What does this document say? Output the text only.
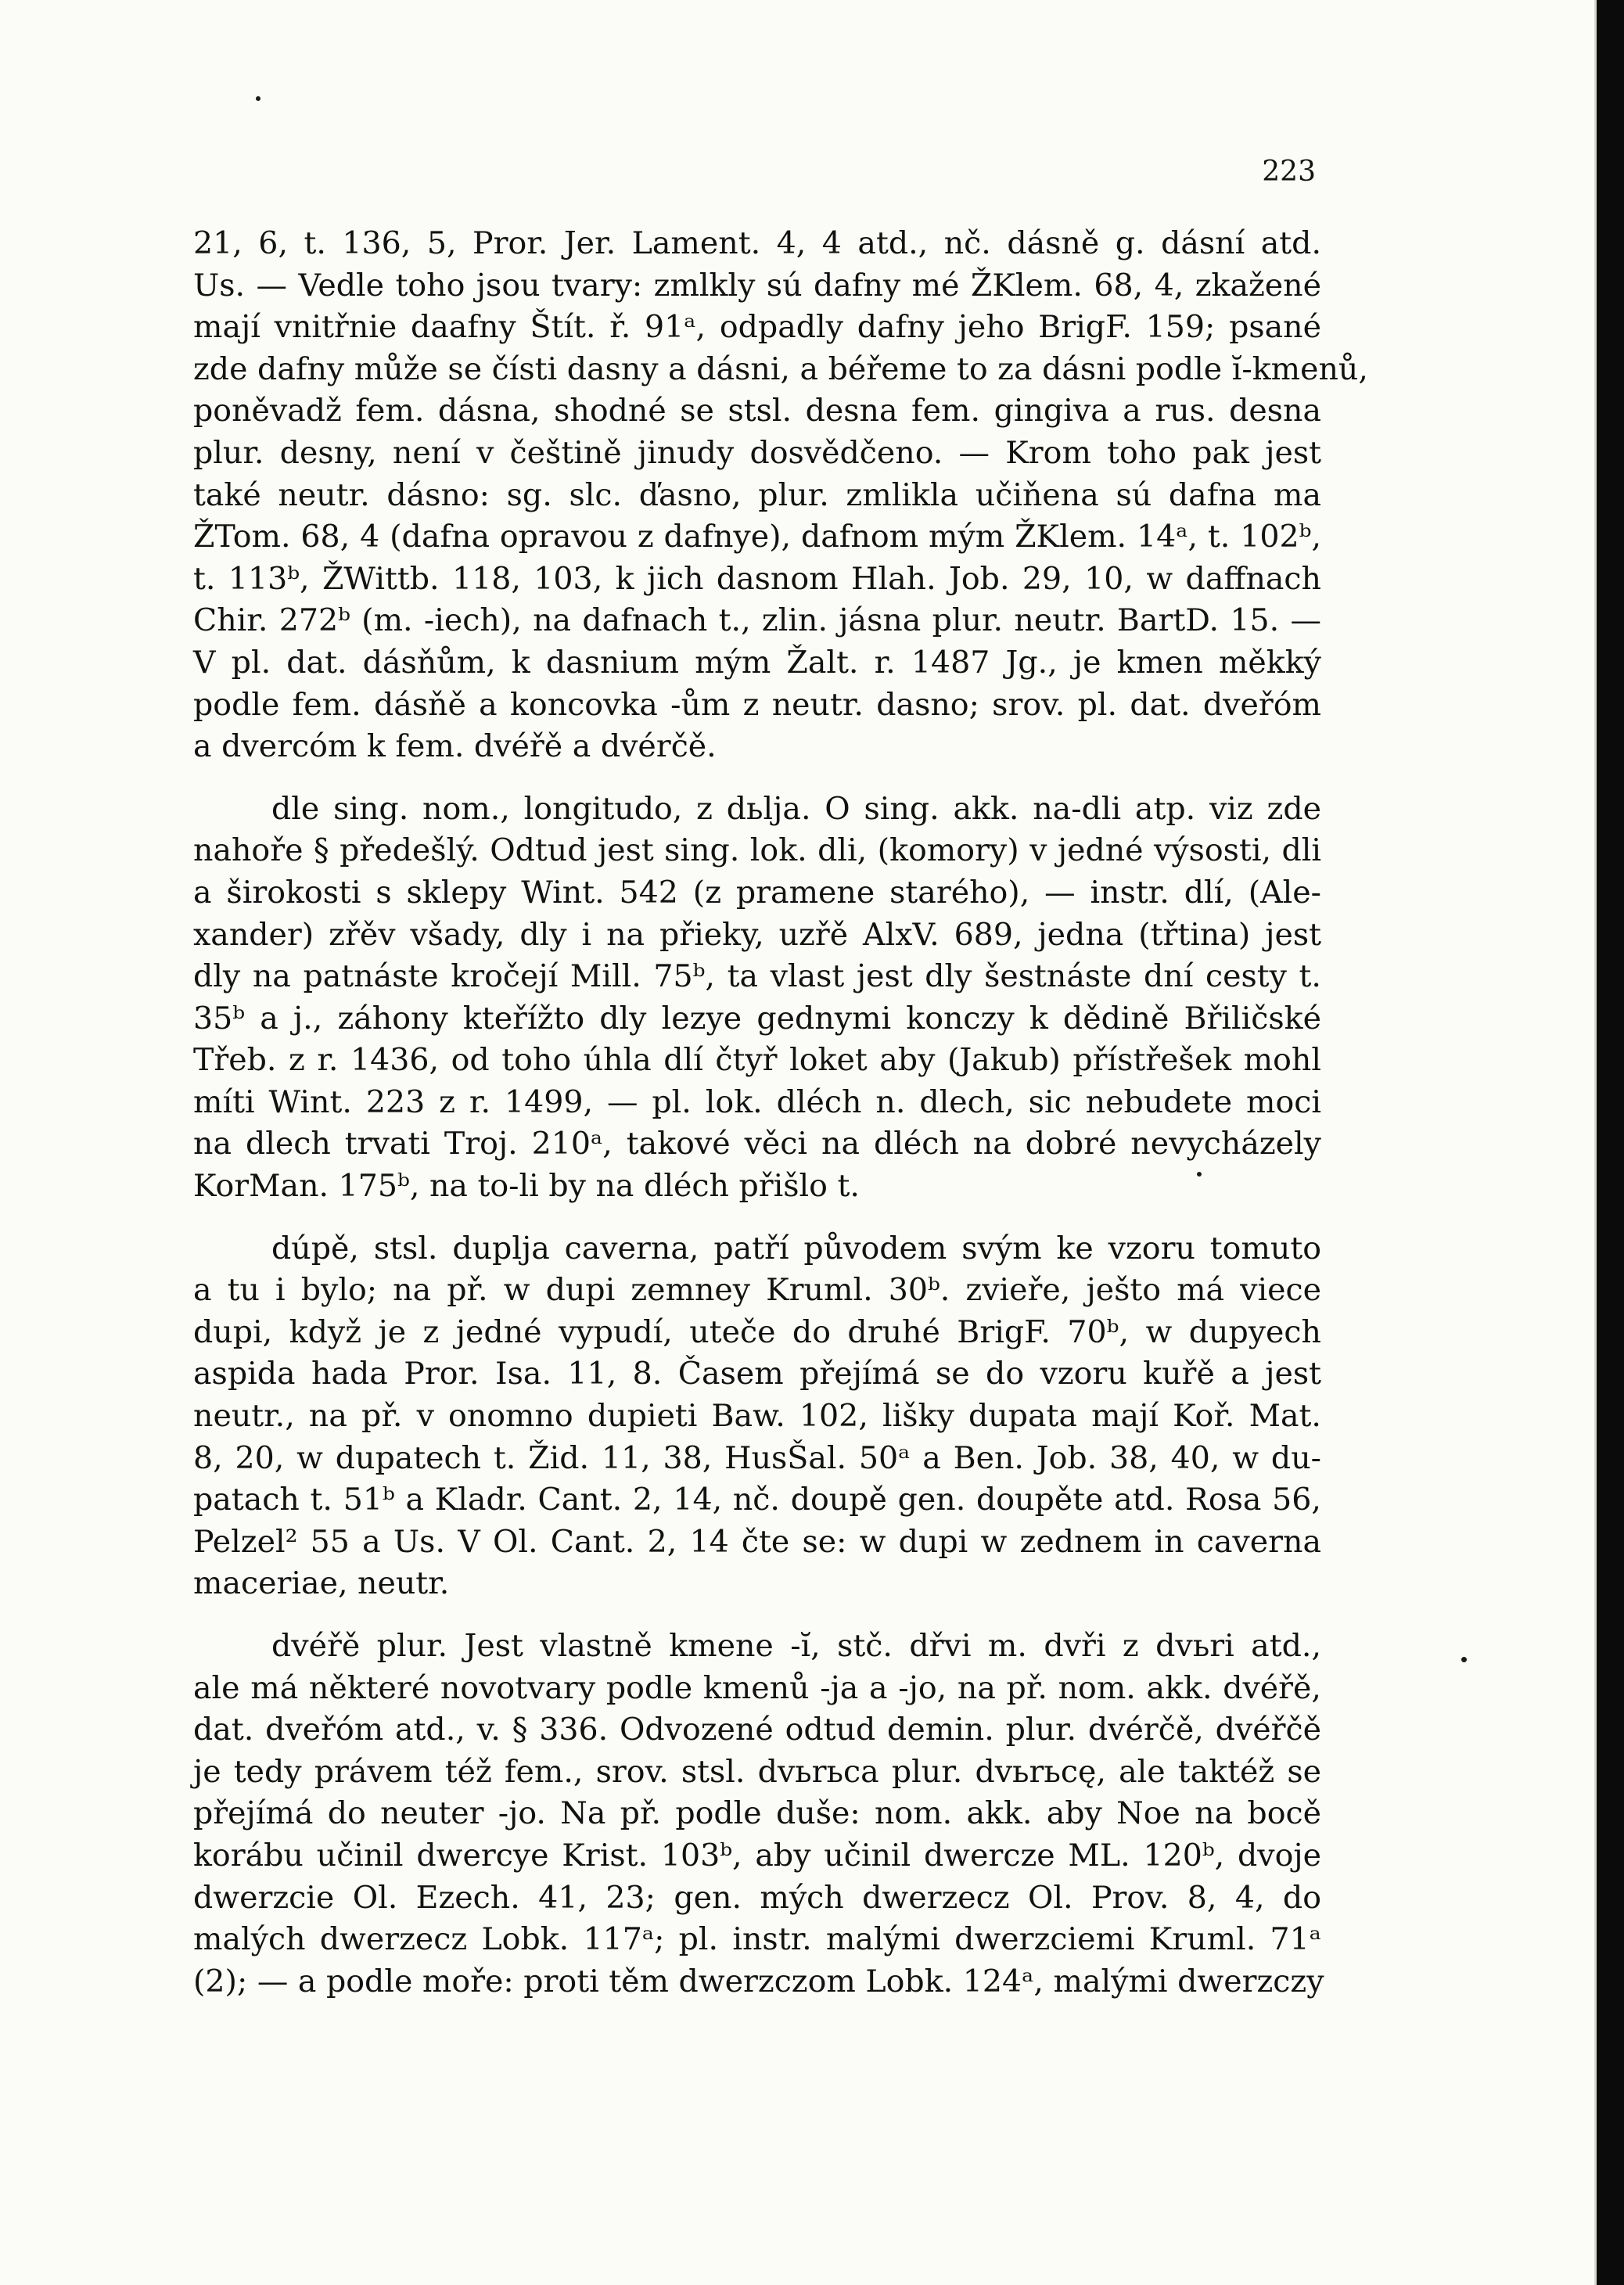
223
21, 6, t. 136, 5, Pror. Jer. Lament. 4, 4 atd., nč. dásně g. dásní atd.
Us. — Vedle toho jsou tvary: zmlkly sú dafny mé ŽKlem. 68, 4, zkažené
mají vnitřnie daafny Štít. ř. 91ᵃ, odpadly dafny jeho BrigF. 159; psané
zde dafny může se čísti dasny a dásni, a béřeme to za dásni podle ĭ-kmenů,
poněvadž fem. dásna, shodné se stsl. desna fem. gingiva a rus. desna
plur. desny, není v češtině jinudy dosvědčeno. — Krom toho pak jest
také neutr. dásno: sg. slc. ďasno, plur. zmlikla učiňena sú dafna ma
ŽTom. 68, 4 (dafna opravou z dafnye), dafnom mým ŽKlem. 14ᵃ, t. 102ᵇ,
t. 113ᵇ, ŽWittb. 118, 103, k jich dasnom Hlah. Job. 29, 10, w daffnach
Chir. 272ᵇ (m. -iech), na dafnach t., zlin. jásna plur. neutr. BartD. 15. —
V pl. dat. dásňům, k dasnium mým Žalt. r. 1487 Jg., je kmen měkký
podle fem. dásňě a koncovka -ům z neutr. dasno; srov. pl. dat. dveřóm
a dvercóm k fem. dvéřě a dvérčě.
dle sing. nom., longitudo, z dьlja. O sing. akk. na-dli atp. viz zde
nahoře § předešlý. Odtud jest sing. lok. dli, (komory) v jedné výsosti, dli
a širokosti s sklepy Wint. 542 (z pramene starého), — instr. dlí, (Ale-
xander) zřěv všady, dly i na přieky, uzřě AlxV. 689, jedna (třtina) jest
dly na patnáste kročejí Mill. 75ᵇ, ta vlast jest dly šestnáste dní cesty t.
35ᵇ a j., záhony kteřížto dly lezye gednymi konczy k dědině Břiličské
Třeb. z r. 1436, od toho úhla dlí čtyř loket aby (Jakub) přístřešek mohl
míti Wint. 223 z r. 1499, — pl. lok. dléch n. dlech, sic nebudete moci
na dlech trvati Troj. 210ᵃ, takové věci na dléch na dobré nevycházely
KorMan. 175ᵇ, na to-li by na dléch přišlo t.
dúpě, stsl. duplja caverna, patří původem svým ke vzoru tomuto
a tu i bylo; na př. w dupi zemney Kruml. 30ᵇ. zvieře, ješto má viece
dupi, když je z jedné vypudí, uteče do druhé BrigF. 70ᵇ, w dupyech
aspida hada Pror. Isa. 11, 8. Časem přejímá se do vzoru kuřě a jest
neutr., na př. v onomno dupieti Baw. 102, lišky dupata mají Koř. Mat.
8, 20, w dupatech t. Žid. 11, 38, HusŠal. 50ᵃ a Ben. Job. 38, 40, w du-
patach t. 51ᵇ a Kladr. Cant. 2, 14, nč. doupě gen. doupěte atd. Rosa 56,
Pelzel² 55 a Us. V Ol. Cant. 2, 14 čte se: w dupi w zednem in caverna
maceriae, neutr.
dvéřě plur. Jest vlastně kmene -ĭ, stč. dřvi m. dvři z dvьri atd.,
ale má některé novotvary podle kmenů -ja a -jo, na př. nom. akk. dvéřě,
dat. dveřóm atd., v. § 336. Odvozené odtud demin. plur. dvérčě, dvéřčě
je tedy právem též fem., srov. stsl. dvьrьca plur. dvьrьcę, ale taktéž se
přejímá do neuter -jo. Na př. podle duše: nom. akk. aby Noe na bocě
korábu učinil dwercye Krist. 103ᵇ, aby učinil dwercze ML. 120ᵇ, dvoje
dwerzcie Ol. Ezech. 41, 23; gen. mých dwerzecz Ol. Prov. 8, 4, do
malých dwerzecz Lobk. 117ᵃ; pl. instr. malými dwerzciemi Kruml. 71ᵃ
(2); — a podle moře: proti těm dwerzczom Lobk. 124ᵃ, malými dwerzczy
